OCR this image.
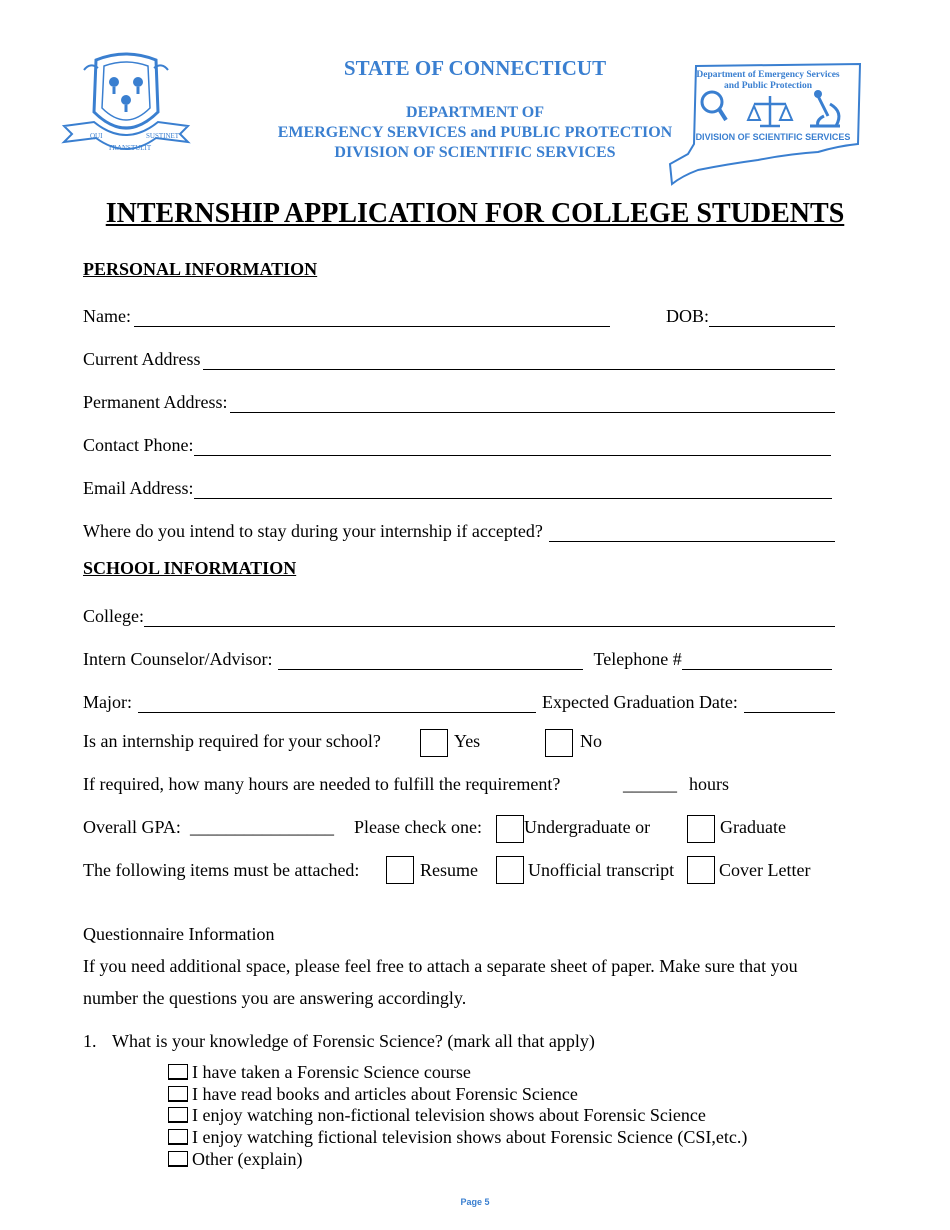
QUI
TRANSTULIT
SUSTINET
STATE OF CONNECTICUT
DEPARTMENT OF
EMERGENCY SERVICES and PUBLIC PROTECTION
DIVISION OF SCIENTIFIC SERVICES
Department of Emergency Services
and Public Protection
DIVISION OF SCIENTIFIC SERVICES
INTERNSHIP APPLICATION FOR COLLEGE STUDENTS
PERSONAL INFORMATION
Name:	DOB:
Current Address
Permanent Address:
Contact Phone:
Email Address:
Where do you intend to stay during your internship if accepted?
SCHOOL INFORMATION
College:
Intern Counselor/Advisor:	Telephone #
Major:	Expected Graduation Date:
Is an internship required for your school?	Yes	No
If required, how many hours are needed to fulfill the requirement?	______ hours
Overall GPA: ________________ Please check one: Undergraduate or	Graduate
The following items must be attached:	Resume	Unofficial transcript Cover Letter
Questionnaire Information
If you need additional space, please feel free to attach a separate sheet of paper. Make sure that you
number the questions you are answering accordingly.
1. What is your knowledge of Forensic Science? (mark all that apply)
I have taken a Forensic Science course
I have read books and articles about Forensic Science
I enjoy watching non-fictional television shows about Forensic Science
I enjoy watching fictional television shows about Forensic Science (CSI,etc.)
Other (explain)
Page 5
